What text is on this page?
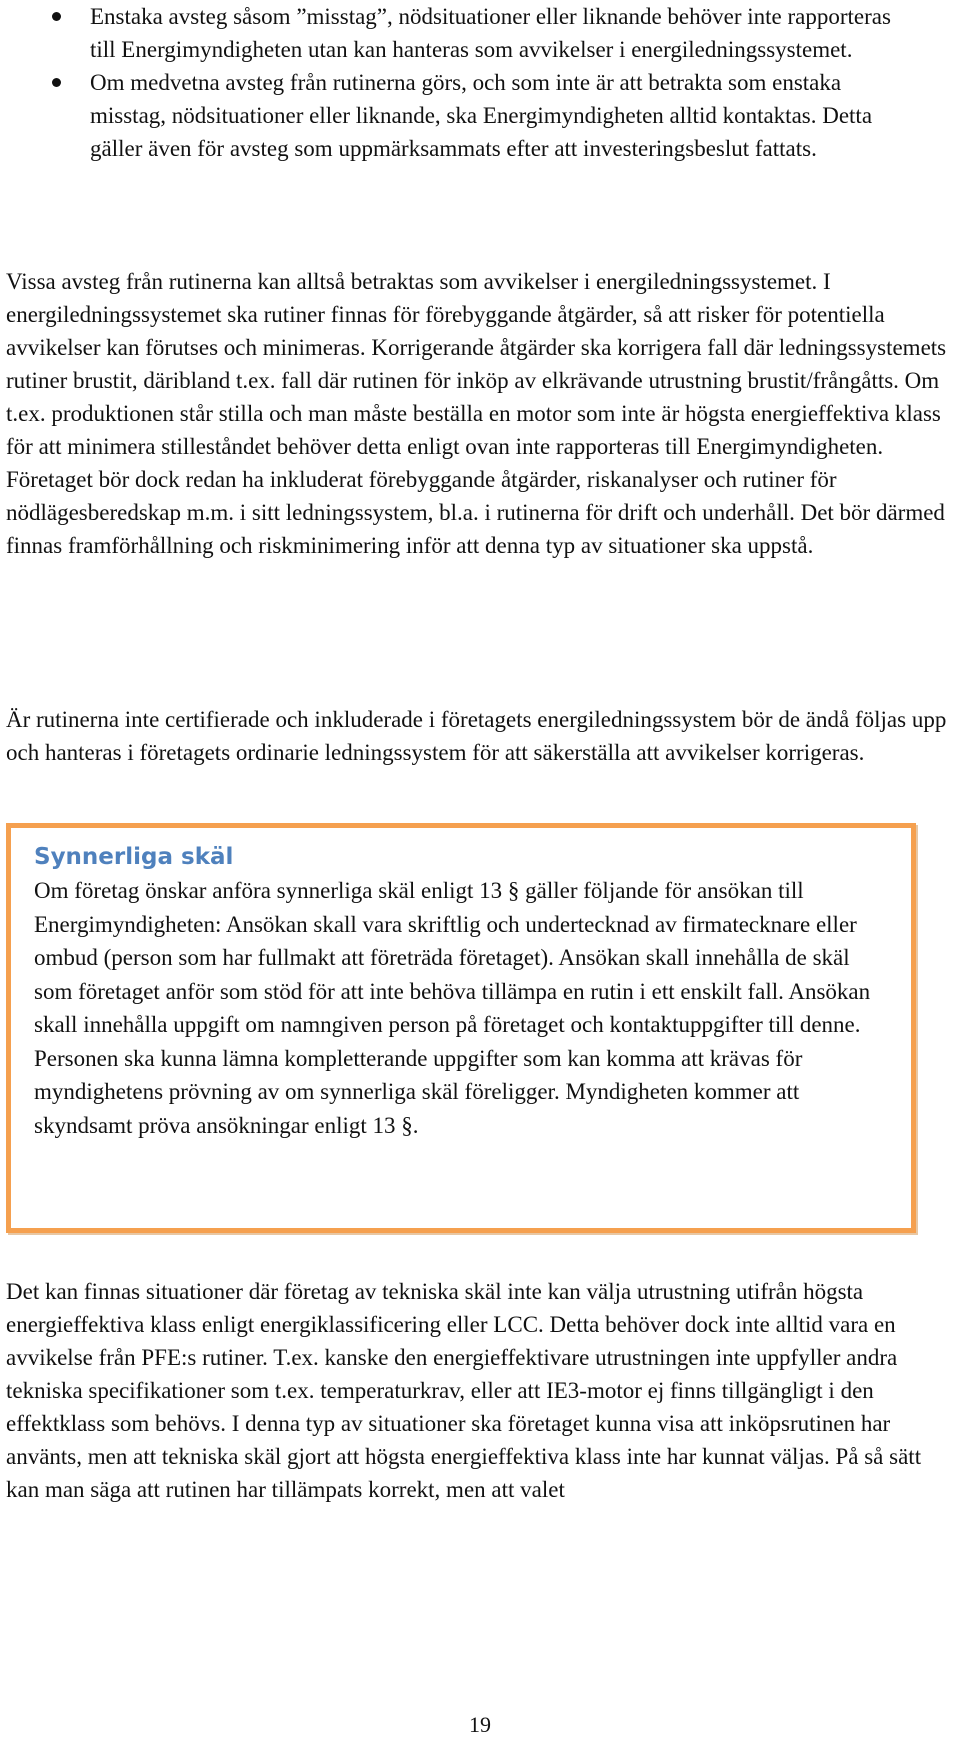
Enstaka avsteg såsom ”misstag”, nödsituationer eller liknande behöver inte rapporteras till Energimyndigheten utan kan hanteras som avvikelser i energiledningssystemet.
Om medvetna avsteg från rutinerna görs, och som inte är att betrakta som enstaka misstag, nödsituationer eller liknande, ska Energimyndigheten alltid kontaktas. Detta gäller även för avsteg som uppmärksammats efter att investeringsbeslut fattats.

Vissa avsteg från rutinerna kan alltså betraktas som avvikelser i energiledningssystemet. I energiledningssystemet ska rutiner finnas för förebyggande åtgärder, så att risker för potentiella avvikelser kan förutses och minimeras. Korrigerande åtgärder ska korrigera fall där ledningssystemets rutiner brustit, däribland t.ex. fall där rutinen för inköp av elkrävande utrustning brustit/frångåtts. Om t.ex. produktionen står stilla och man måste beställa en motor som inte är högsta energieffektiva klass för att minimera stilleståndet behöver detta enligt ovan inte rapporteras till Energimyndigheten. Företaget bör dock redan ha inkluderat förebyggande åtgärder, riskanalyser och rutiner för nödlägesberedskap m.m. i sitt ledningssystem, bl.a. i rutinerna för drift och underhåll. Det bör därmed finnas framförhållning och riskminimering inför att denna typ av situationer ska uppstå.

Är rutinerna inte certifierade och inkluderade i företagets energiledningssystem bör de ändå följas upp och hanteras i företagets ordinarie ledningssystem för att säkerställa att avvikelser korrigeras.

Synnerliga skäl

Om företag önskar anföra synnerliga skäl enligt 13 § gäller följande för ansökan till Energimyndigheten: Ansökan skall vara skriftlig och undertecknad av firmatecknare eller ombud (person som har fullmakt att företräda företaget). Ansökan skall innehålla de skäl som företaget anför som stöd för att inte behöva tillämpa en rutin i ett enskilt fall. Ansökan skall innehålla uppgift om namngiven person på företaget och kontaktuppgifter till denne. Personen ska kunna lämna kompletterande uppgifter som kan komma att krävas för myndighetens prövning av om synnerliga skäl föreligger. Myndigheten kommer att skyndsamt pröva ansökningar enligt 13 §.

Det kan finnas situationer där företag av tekniska skäl inte kan välja utrustning utifrån högsta energieffektiva klass enligt energiklassificering eller LCC. Detta behöver dock inte alltid vara en avvikelse från PFE:s rutiner. T.ex. kanske den energieffektivare utrustningen inte uppfyller andra tekniska specifikationer som t.ex. temperaturkrav, eller att IE3-motor ej finns tillgängligt i den effektklass som behövs. I denna typ av situationer ska företaget kunna visa att inköpsrutinen har använts, men att tekniska skäl gjort att högsta energieffektiva klass inte har kunnat väljas. På så sätt kan man säga att rutinen har tillämpats korrekt, men att valet

19
